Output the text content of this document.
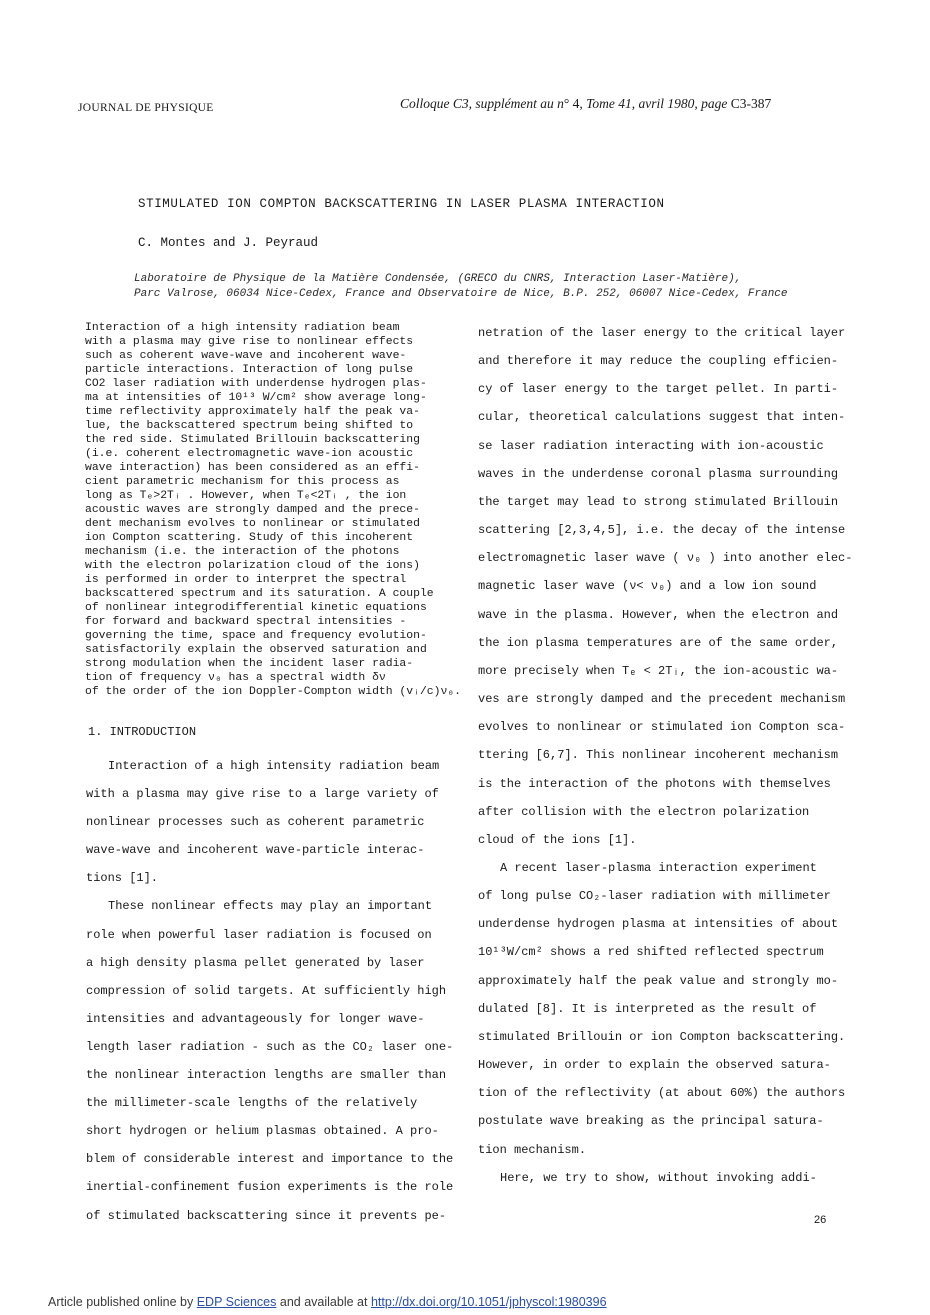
JOURNAL DE PHYSIQUE	Colloque C3, supplément au n° 4, Tome 41, avril 1980, page C3-387
STIMULATED ION COMPTON BACKSCATTERING IN LASER PLASMA INTERACTION
C. Montes and J. Peyraud
Laboratoire de Physique de la Matière Condensée, (GRECO du CNRS, Interaction Laser-Matière),
Parc Valrose, 06034 Nice-Cedex, France and Observatoire de Nice, B.P. 252, 06007 Nice-Cedex, France
Interaction of a high intensity radiation beam
with a plasma may give rise to nonlinear effects
such as coherent wave-wave and incoherent wave-
particle interactions. Interaction of long pulse
CO2 laser radiation with underdense hydrogen plas-
ma at intensities of 10¹³ W/cm² show average long-
time reflectivity approximately half the peak va-
lue, the backscattered spectrum being shifted to
the red side. Stimulated Brillouin backscattering
(i.e. coherent electromagnetic wave-ion acoustic
wave interaction) has been considered as an effi-
cient parametric mechanism for this process as
long as Tₑ>2Tᵢ . However, when Tₑ<2Tᵢ , the ion
acoustic waves are strongly damped and the prece-
dent mechanism evolves to nonlinear or stimulated
ion Compton scattering. Study of this incoherent
mechanism (i.e. the interaction of the photons
with the electron polarization cloud of the ions)
is performed in order to interpret the spectral
backscattered spectrum and its saturation. A couple
of nonlinear integrodifferential kinetic equations
for forward and backward spectral intensities -
governing the time, space and frequency evolution-
satisfactorily explain the observed saturation and
strong modulation when the incident laser radia-
tion of frequency ν₀ has a spectral width δν
of the order of the ion Doppler-Compton width (vᵢ/c)ν₀.
1. INTRODUCTION
Interaction of a high intensity radiation beam
with a plasma may give rise to a large variety of
nonlinear processes such as coherent parametric
wave-wave and incoherent wave-particle interac-
tions [1].
These nonlinear effects may play an important
role when powerful laser radiation is focused on
a high density plasma pellet generated by laser
compression of solid targets. At sufficiently high
intensities and advantageously for longer wave-
length laser radiation - such as the CO₂ laser one-
the nonlinear interaction lengths are smaller than
the millimeter-scale lengths of the relatively
short hydrogen or helium plasmas obtained. A pro-
blem of considerable interest and importance to the
inertial-confinement fusion experiments is the role
of stimulated backscattering since it prevents pe-
netration of the laser energy to the critical layer
and therefore it may reduce the coupling efficien-
cy of laser energy to the target pellet. In parti-
cular, theoretical calculations suggest that inten-
se laser radiation interacting with ion-acoustic
waves in the underdense coronal plasma surrounding
the target may lead to strong stimulated Brillouin
scattering [2,3,4,5], i.e. the decay of the intense
electromagnetic laser wave ( ν₀ ) into another elec-
magnetic laser wave (ν< ν₀) and a low ion sound
wave in the plasma. However, when the electron and
the ion plasma temperatures are of the same order,
more precisely when Tₑ < 2Tᵢ, the ion-acoustic wa-
ves are strongly damped and the precedent mechanism
evolves to nonlinear or stimulated ion Compton sca-
ttering [6,7]. This nonlinear incoherent mechanism
is the interaction of the photons with themselves
after collision with the electron polarization
cloud of the ions [1].
A recent laser-plasma interaction experiment
of long pulse CO₂-laser radiation with millimeter
underdense hydrogen plasma at intensities of about
10¹³W/cm² shows a red shifted reflected spectrum
approximately half the peak value and strongly mo-
dulated [8]. It is interpreted as the result of
stimulated Brillouin or ion Compton backscattering.
However, in order to explain the observed satura-
tion of the reflectivity (at about 60%) the authors
postulate wave breaking as the principal satura-
tion mechanism.
Here, we try to show, without invoking addi-
26
Article published online by EDP Sciences and available at http://dx.doi.org/10.1051/jphyscol:1980396
